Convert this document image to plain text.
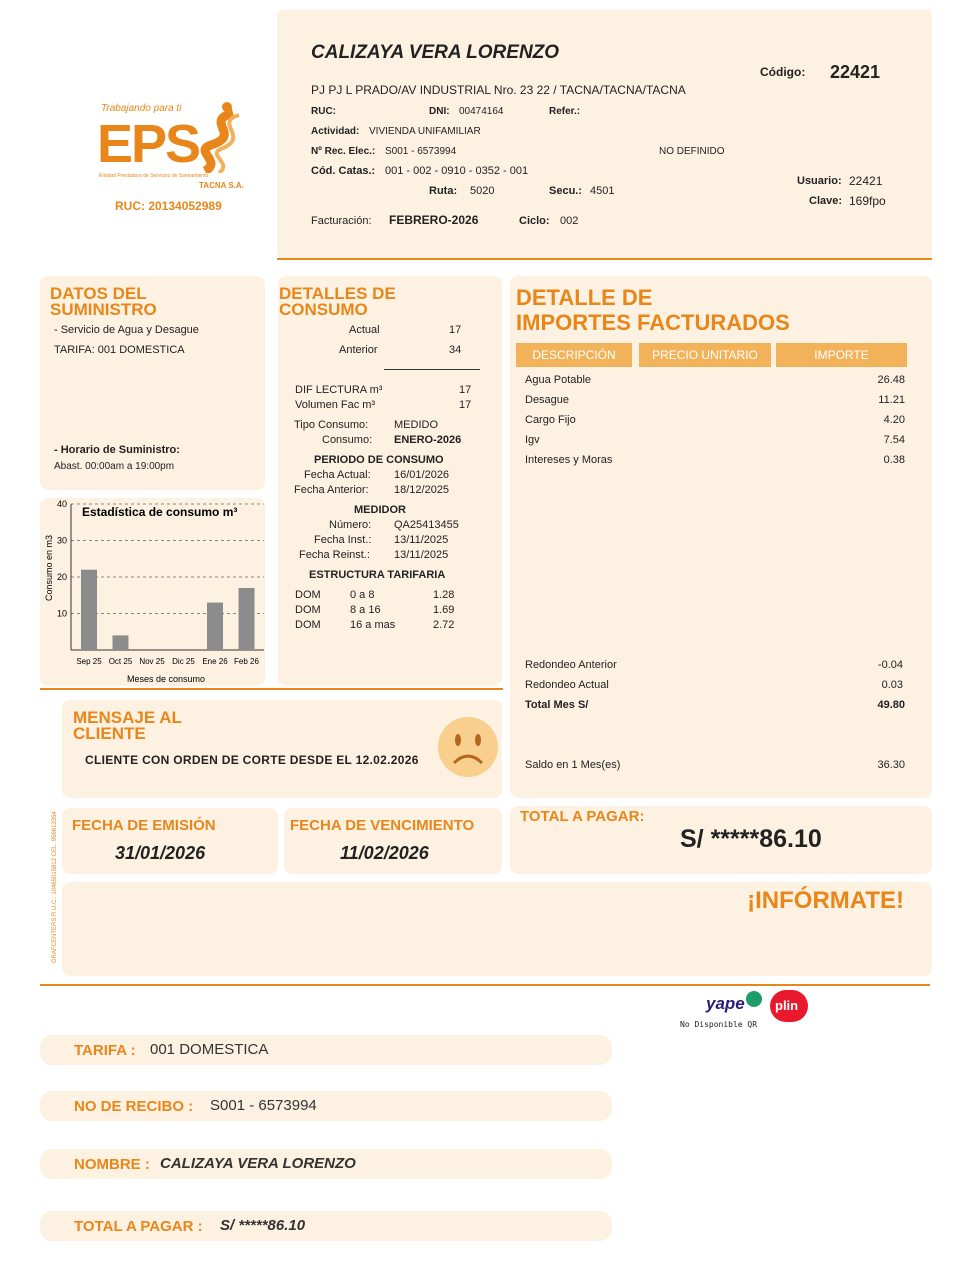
Trabajando para ti
EPS
Entidad Prestadora de Servicios de Saneamiento
TACNA S.A.
RUC: 20134052989
CALIZAYA VERA LORENZO
PJ PJ L PRADO/AV INDUSTRIAL Nro. 23 22 / TACNA/TACNA/TACNA
RUC:	DNI: 00474164	Refer.:
Actividad: VIVIENDA UNIFAMILIAR
Nº Rec. Elec.: S001 - 6573994	NO DEFINIDO
Cód. Catas.: 001 - 002 - 0910 - 0352 - 001
Ruta: 5020	Secu.: 4501
Facturación: FEBRERO-2026	Ciclo: 002
Código: 22421
Usuario: 22421
Clave: 169fpo
DATOS DEL
SUMINISTRO
- Servicio de Agua y Desague
TARIFA: 001 DOMESTICA
- Horario de Suministro:
Abast. 00:00am a 19:00pm
10
20
30
40
Estadística de consumo m³
Sep 25 Oct 25 Nov 25 Dic 25 Ene 26 Feb 26
Meses de consumo
Consumo en m3
DETALLES DE
CONSUMO
Actual	17
Anterior	34
DIF LECTURA m³	17
Volumen Fac m³	17
Tipo Consumo: MEDIDO
Consumo: ENERO-2026
PERIODO DE CONSUMO
Fecha Actual: 16/01/2026
Fecha Anterior: 18/12/2025
MEDIDOR
Número: QA25413455
Fecha Inst.: 13/11/2025
Fecha Reinst.: 13/11/2025
ESTRUCTURA TARIFARIA
DOM	0 a 8	1.28
DOM	8 a 16	1.69
DOM	16 a mas	2.72
DETALLE DE
IMPORTES FACTURADOS
DESCRIPCIÓN	PRECIO UNITARIO	IMPORTE
Agua Potable	26.48
Desague	11.21
Cargo Fijo	4.20
Igv	7.54
Intereses y Moras	0.38
Redondeo Anterior	-0.04
Redondeo Actual	0.03
Total Mes S/	49.80
Saldo en 1 Mes(es)	36.30
MENSAJE AL
CLIENTE
CLIENTE CON ORDEN DE CORTE DESDE EL 12.02.2026
GRAFCENTERS R.U.C.: 10465015812 CEL. 956613354 FECHA DE EMISIÓN
31/01/2026
FECHA DE VENCIMIENTO
11/02/2026
TOTAL A PAGAR:
S/ *****86.10
¡INFÓRMATE!
yape plin
No Disponible QR
TARIFA : 001 DOMESTICA
NO DE RECIBO : S001 - 6573994
NOMBRE : CALIZAYA VERA LORENZO
TOTAL A PAGAR : S/ *****86.10
